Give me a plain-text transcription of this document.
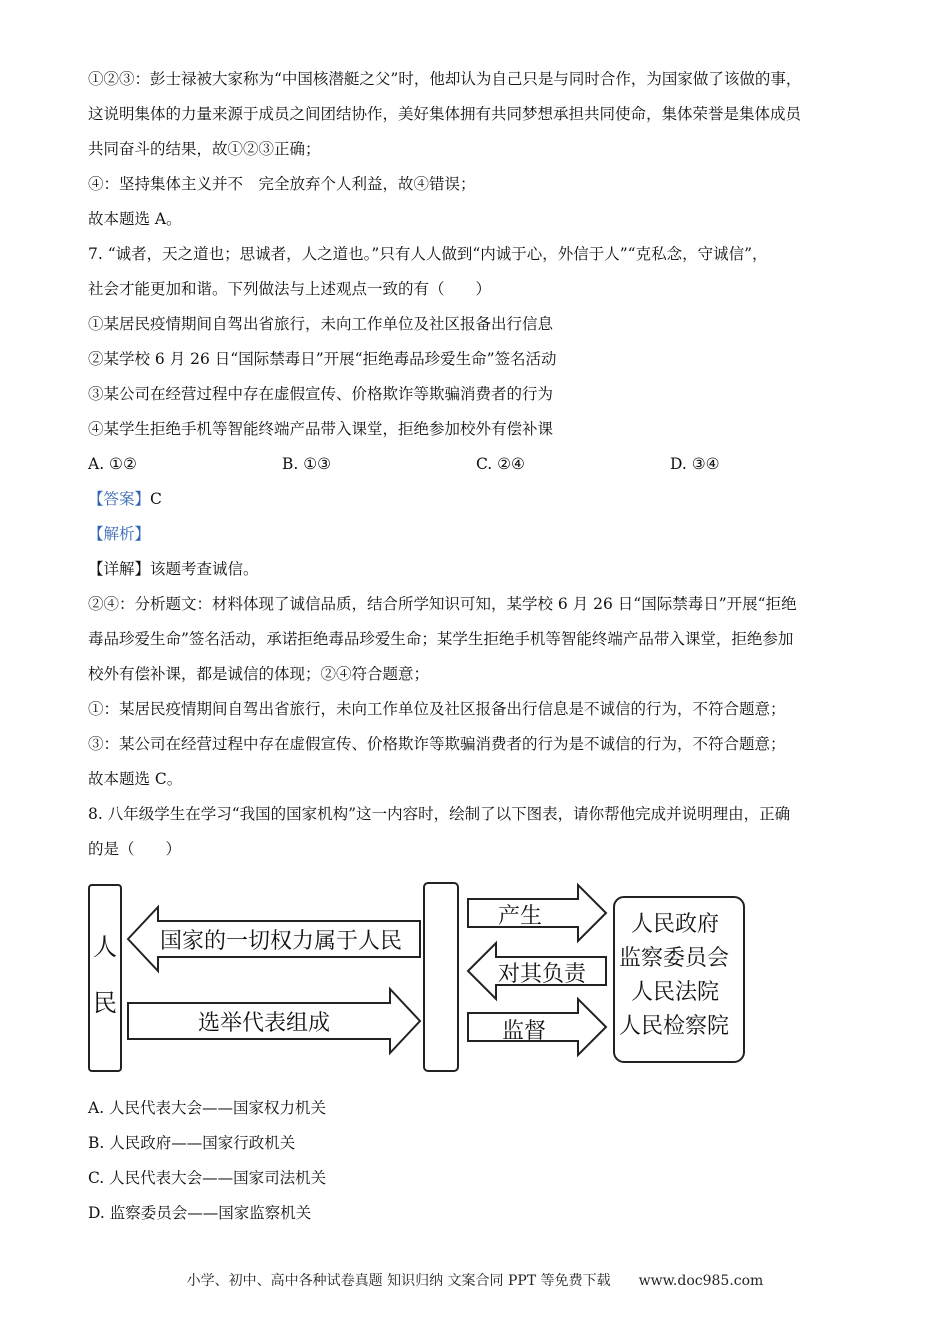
①②③：彭士禄被大家称为“中国核潜艇之父”时，他却认为自己只是与同时合作，为国家做了该做的事，

这说明集体的力量来源于成员之间团结协作，美好集体拥有共同梦想承担共同使命，集体荣誉是集体成员

共同奋斗的结果，故①②③正确；

④：坚持集体主义并不　完全放弃个人利益，故④错误；

故本题选 A。

7. “诚者，天之道也；思诚者，人之道也。”只有人人做到“内诚于心，外信于人”“克私念，守诚信”，

社会才能更加和谐。下列做法与上述观点一致的有（　　）

①某居民疫情期间自驾出省旅行，未向工作单位及社区报备出行信息

②某学校 6 月 26 日“国际禁毒日”开展“拒绝毒品珍爱生命”签名活动

③某公司在经营过程中存在虚假宣传、价格欺诈等欺骗消费者的行为

④某学生拒绝手机等智能终端产品带入课堂，拒绝参加校外有偿补课

A. ①②	B. ①③	C. ②④	D. ③④

【答案】C

【解析】

【详解】该题考查诚信。

②④：分析题文：材料体现了诚信品质，结合所学知识可知，某学校 6 月 26 日“国际禁毒日”开展“拒绝

毒品珍爱生命”签名活动，承诺拒绝毒品珍爱生命；某学生拒绝手机等智能终端产品带入课堂，拒绝参加

校外有偿补课，都是诚信的体现；②④符合题意；

①：某居民疫情期间自驾出省旅行，未向工作单位及社区报备出行信息是不诚信的行为，不符合题意；

③：某公司在经营过程中存在虚假宣传、价格欺诈等欺骗消费者的行为是不诚信的行为，不符合题意；

故本题选 C。

8. 八年级学生在学习“我国的国家机构”这一内容时，绘制了以下图表，请你帮他完成并说明理由，正确

的是（　　）

人
民
国家的一切权力属于人民
选举代表组成
产生
对其负责
监督
人民政府
监察委员会
人民法院
人民检察院

A. 人民代表大会——国家权力机关

B. 人民政府——国家行政机关

C. 人民代表大会——国家司法机关

D. 监察委员会——国家监察机关

小学、初中、高中各种试卷真题 知识归纳 文案合同 PPT 等免费下载　　www.doc985.com
